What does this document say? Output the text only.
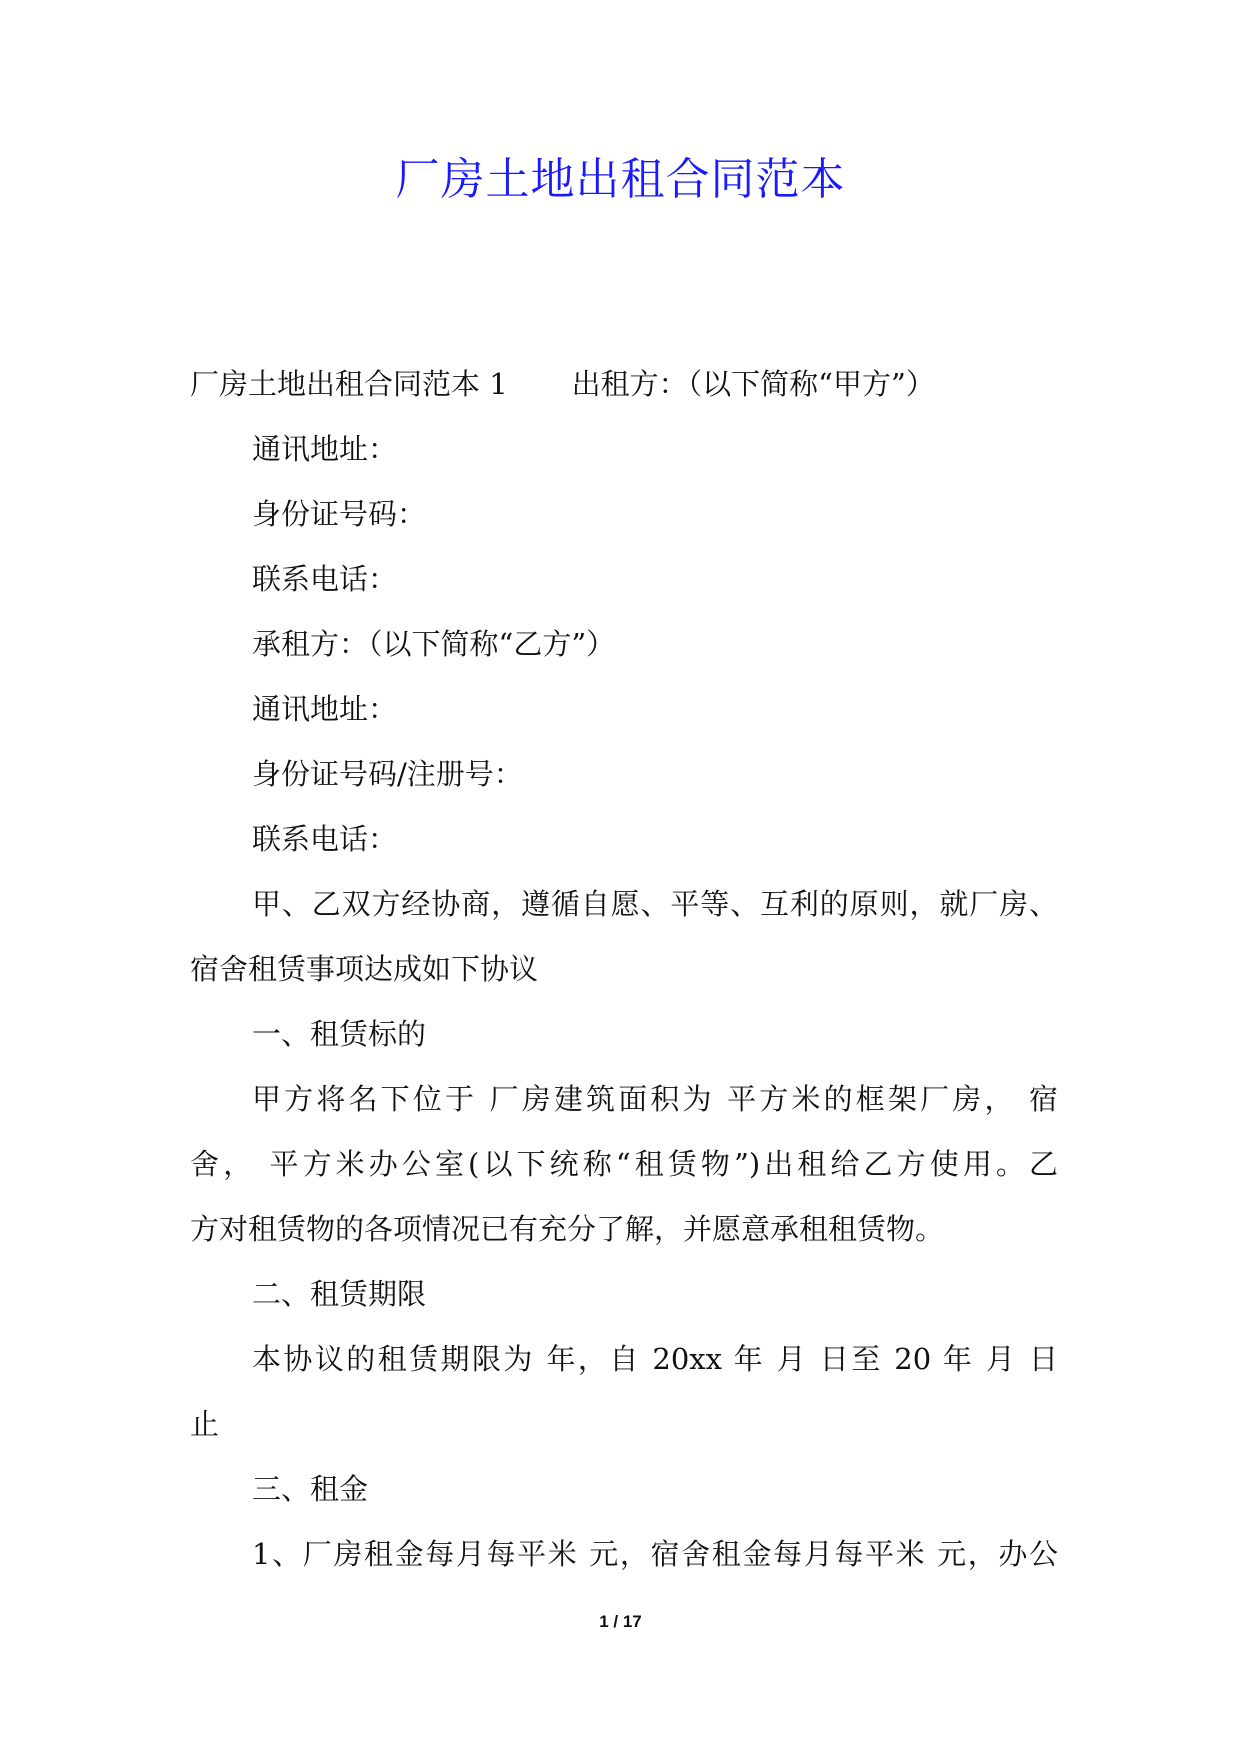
厂房土地出租合同范本

厂房土地出租合同范本 1 出租方：（以下简称“甲方”）

通讯地址：

身份证号码：

联系电话：

承租方：（以下简称“乙方”）

通讯地址：

身份证号码/注册号：

联系电话：

甲、乙双方经协商，遵循自愿、平等、互利的原则，就厂房、

宿舍租赁事项达成如下协议

一、租赁标的

甲方将名下位于 厂房建筑面积为 平方米的框架厂房， 宿

舍， 平方米办公室(以下统称“租赁物”)出租给乙方使用。乙

方对租赁物的各项情况已有充分了解，并愿意承租租赁物。

二、租赁期限

本协议的租赁期限为 年，自 20xx 年 月 日至 20 年 月 日

止

三、租金

1、厂房租金每月每平米 元，宿舍租金每月每平米 元，办公

1 / 17
